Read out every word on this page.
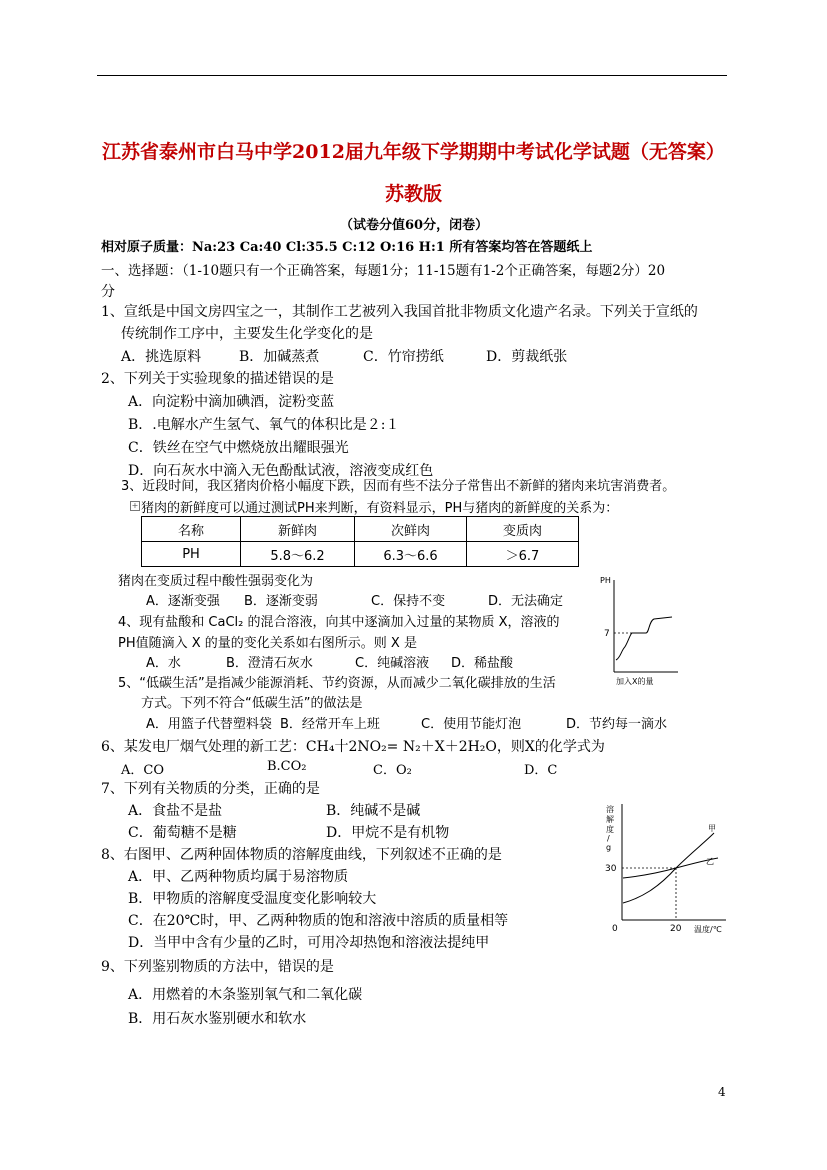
江苏省泰州市白马中学2012届九年级下学期期中考试化学试题（无答案）
苏教版
（试卷分值60分，闭卷）
相对原子质量：Na:23 Ca:40 Cl:35.5 C:12 O:16 H:1 所有答案均答在答题纸上
一、选择题：（1-10题只有一个正确答案，每题1分；11-15题有1-2个正确答案，每题2分）20
分
1、宣纸是中国文房四宝之一，其制作工艺被列入我国首批非物质文化遗产名录。下列关于宣纸的
传统制作工序中，主要发生化学变化的是
A．挑选原料	B．加碱蒸煮	C．竹帘捞纸	D．剪裁纸张
2、下列关于实验现象的描述错误的是
A．向淀粉中滴加碘酒，淀粉变蓝
B．.电解水产生氢气、氧气的体积比是２:１
C．铁丝在空气中燃烧放出耀眼强光
D．向石灰水中滴入无色酚酞试液，溶液变成红色
3、近段时间，我区猪肉价格小幅度下跌，因而有些不法分子常售出不新鲜的猪肉来坑害消费者。
+ 猪肉的新鲜度可以通过测试PH来判断，有资料显示，PH与猪肉的新鲜度的关系为：
名称	新鲜肉	次鲜肉	变质肉
PH	5.8～6.2	6.3～6.6	＞6.7
猪肉在变质过程中酸性强弱变化为
A．逐渐变强 B．逐渐变弱	C．保持不变	D．无法确定
4、现有盐酸和 CaCl₂ 的混合溶液，向其中逐滴加入过量的某物质 X，溶液的
PH值随滴入 X 的量的变化关系如右图所示。则 X 是
A．水	B．澄清石灰水	C．纯碱溶液 D．稀盐酸
PH
7
加入X的量
5、“低碳生活”是指减少能源消耗、节约资源，从而减少二氧化碳排放的生活
方式。下列不符合“低碳生活”的做法是
A．用篮子代替塑料袋 B．经常开车上班	C．使用节能灯泡	D．节约每一滴水
6、某发电厂烟气处理的新工艺：CH₄十2NO₂= N₂＋X＋2H₂O，则X的化学式为
A．CO	B.CO₂	C．O₂	D．C
7、下列有关物质的分类，正确的是
A．食盐不是盐	B．纯碱不是碱
C．葡萄糖不是糖	D．甲烷不是有机物
8、右图甲、乙两种固体物质的溶解度曲线，下列叙述不正确的是
A．甲、乙两种物质均属于易溶物质
B．甲物质的溶解度受温度变化影响较大
C．在20℃时，甲、乙两种物质的饱和溶液中溶质的质量相等
D．当甲中含有少量的乙时，可用冷却热饱和溶液法提纯甲
溶
解
度
/
g
30
甲
乙
0	20 温度/℃
9、下列鉴别物质的方法中，错误的是
A．用燃着的木条鉴别氧气和二氧化碳
B．用石灰水鉴别硬水和软水
4
